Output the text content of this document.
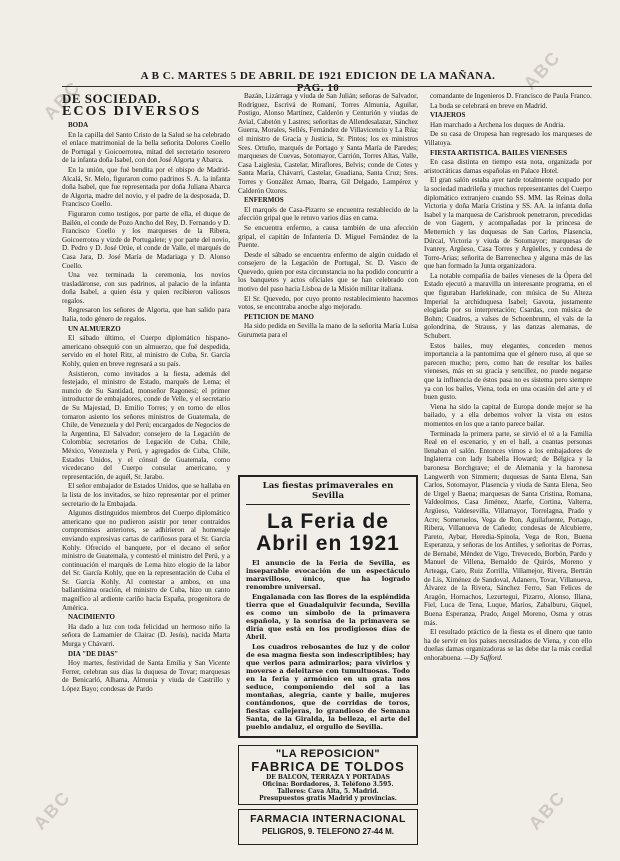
ABC
ABC
ABC	ABC
A B C. MARTES 5 DE ABRIL DE 1921 EDICION DE LA MAÑANA. PAG. 10
DE SOCIEDAD.
ECOS DIVERSOS

BODA

En la capilla del Santo Cristo de la Salud se ha celebrado el enlace matrimonial de la bella señorita Dolores Coello de Portugal y Goicoerrotea, mitad del secretario tesorero de la infanta doña Isabel, con don José Algorta y Abarca.

En la unión, que fué bendita por el obispo de Madrid-Alcalá, Sr. Melo, figuraron como padrinos S. A. la infanta doña Isabel, que fue representada por doña Juliana Abarca de Algorta, madre del novio, y el padre de la desposada, D. Francisco Coello.

Figuraron como testigos, por parte de ella, el duque de Bailén, el conde de Pozo Ancho del Rey, D. Fernando y D. Francisco Coello y los marqueses de la Ribera, Goicoerrotea y vizde de Portugalete; y por parte del novio, D. Pedro y D. José Orúe, el conde de Valle, el marqués de Casa Jara, D. José María de Madariaga y D. Alonso Coello.

Una vez terminada la ceremonia, los novios trasladáronse, con sus padrinos, al palacio de la infanta doña Isabel, a quien ésta y quien recibieron valiosos regalos.

Regresaron los señores de Algorta, que han salido para Italia, todo género de regalos.

UN ALMUERZO

El sábado último, el Cuerpo diplomático hispano-americano obsequió con un almuerzo, que fué despedida, servido en el hotel Ritz, al ministro de Cuba, Sr. García Kohly, quien en breve regresará a su país.

Asistieron, como invitados a la fiesta, además del festejado, el ministro de Estado, marqués de Lema; el nuncio de Su Santidad, monseñor Ragonesi; el primer introductor de embajadores, conde de Velle, y el secretario de Su Majestad, D. Emilio Torres; y en torno de ellos tomaron asiento los señores ministros de Guatemala, de Chile, de Venezuela y del Perú; encargados de Negocios de la Argentina, El Salvador; consejero de la Legación de Colombia; secretarios de Legación de Cuba, Chile, México, Venezuela y Perú, y agregados de Cuba, Chile, Estados Unidos, y el cónsul de Guatemala, como vicedecano del Cuerpo consular americano, y representación, de aquél, Sr. Jarabo.

El señor embajador de Estados Unidos, que se hallaba en la lista de los invitados, se hizo representar por el primer secretario de la Embajada.

Algunos distinguidos miembros del Cuerpo diplomático americano que no pudieron asistir por tener contraídos compromisos anteriores, se adhirieron al homenaje enviando expresivas cartas de cariñosos para el Sr. García Kohly. Ofrecido el banquete, por el decano el señor ministro de Guatemala, y contestó el ministro del Perú, y a continuación el marqués de Lema hizo elogio de la labor del Sr. García Kohly, que en la representación de Cuba el Sr. García Kohly. Al contestar a ambos, en una ballantísima oración, el ministro de Cuba, hizo un canto magnífico al ardiente cariño hacia España, progenitora de América.

NACIMIENTO

Ha dado a luz con toda felicidad un hermoso niño la señora de Lamamier de Clairac (D. Jesús), nacida Marta Murga y Chávarri.

DIA "DE DIAS"

Hoy martes, festividad de Santa Emilia y San Vicente Ferrer, celebran sus días la duquesa de Tovar; marquesas de Benicarló, Alhama, Almunia y viuda de Castrillo y López Bayo; condesas de Pardo

Bazán, Lizárraga y viuda de San Julián; señoras de Salvador, Rodríguez, Escrivá de Romaní, Torres Almunia, Aguilar, Postigo, Alonso Martínez, Calderón y Centurión y viudas de Avial, Cabetón y Lastres; señoritas de Allendesalazar, Sánchez Guerra, Morales, Sellés, Fernández de Villavicencio y La Rúa; el ministro de Gracia y Justicia, Sr. Pintos; los ex ministros Sres. Ortuño, marqués de Portago y Santa María de Paredes; marqueses de Cuevas, Sotomayor, Carrión, Torres Altas, Valle, Casa Laiglesia, Castelar, Miraflores, Belvis; conde de Cotes y Santa María, Chávarri, Castelar, Guadiana, Santa Cruz; Sres. Torres y González Arnao, Ibarra, Gil Delgado, Lampérez y Calderón Ozores.

ENFERMOS

El marqués de Casa-Pizarro se encuentra restablecido de la afección gripal que le retuvo varios días en cama.

Se encuentra enfermo, a causa también de una afección gripal, el capitán de Infantería D. Miguel Fernández de la Puente.

Desde el sábado se encuentra enfermo de algún cuidado el consejero de la Legación de Portugal, Sr. D. Vasco de Quevedo, quien por esta circunstancia no ha podido concurrir a los banquetes y actos oficiales que se han celebrado con motivo del paso hacia Lisboa de la Misión militar italiana.

El Sr. Quevedo, por cuyo pronto restablecimiento hacemos votos, se encontraba anoche algo mejorado.

PETICION DE MANO

Ha sido pedida en Sevilla la mano de la señorita María Luisa Gurumeta para el

Las fiestas primaverales en Sevilla
La Feria de Abril en 1921

El anuncio de la Feria de Sevilla, es inseparable evocación de un espectáculo maravilloso, único, que ha logrado renombre universal.

Engalanada con las flores de la espléndida tierra que el Guadalquivir fecunda, Sevilla es como un símbolo de la primavera española, y la sonrisa de la primavera se diría que está en los prodigiosos días de Abril.

Los cuadros rebosantes de luz y de color de esa magna fiesta son indescriptibles; hay que verlos para admirarlos; para vivirlos y moverse a deleitarse con tumultuosas. Todo en la feria y armónico en un grata nos seduce, componiendo del sol a las montañas, alegría, cante y baile, mujeres contándonos, que de corridas de toros, fiestas callejeras, lo grandioso de Semana Santa, de la Giralda, la belleza, el arte del pueblo andaluz, el orgullo de Sevilla.

"LA REPOSICION"
FABRICA DE TOLDOS
DE BALCON, TERRAZA Y PORTADAS
Oficina: Bordadores, 3. Teléfono 3.595.
Talleres: Cava Alta, 5. Madrid.
Presupuestos gratis Madrid y provincias.
FARMACIA INTERNACIONAL
PELIGROS, 9. TELEFONO 27-44 M.

comandante de Ingenieros D. Francisco de Paula Franco.

La boda se celebrará en breve en Madrid.

VIAJEROS

Han marchado a Archena los duques de Andria.

De su casa de Oropesa han regresado los marqueses de Villatoya.

FIESTA ARTISTICA. BAILES VIENESES

En casa distinta en tiempo esta nota, organizada por aristocráticas damas españolas en Palace Hotel.

El gran salón estaba ayer tarde totalmente ocupado por la sociedad madrileña y muchos representantes del Cuerpo diplomático extranjero cuando SS. MM. las Reinas doña Victoria y doña María Cristina y SS. AA. la infanta doña Isabel y la marquesa de Carisbrook penetraron, precedidas de von Gagern, y acompañadas por la princesa de Metternich y las duquesas de San Carlos, Plasencia, Dúrcal, Victoria y viuda de Sotomayor; marquesas de Ivanrey, Argüeso, Casa Torres y Argüelles, y condesa de Torre-Arias; señorita de Barrenechea y alguna más de las que han formado la Junta organizadora.

La notable compañía de bailes vieneses de la Ópera del Estado ejecutó a maravilla un interesante programa, en el que figuraban Harlekinade, con música de Su Alteza Imperial la archiduquesa Isabel; Gavota, justamente elogiada por su interpretación; Csardas, con música de Bohm; Cuadros, a valses de Schoenbrunn, el vals de la golondrina, de Strauss, y las danzas alemanas, de Schubert.

Estos bailes, muy elegantes, conceden menos importancia a la pantomima que el género ruso, al que se parecen mucho; pero, como han de resultar los bailes vieneses, más en su gracia y sencillez, no puede negarse que la influencia de éstos pasa no es sistema pero siempre ya con los bailes, Viena, toda en una ocasión del arte y el buen gusto.

Viena ha sido la capital de Europa donde mejor se ha bailado, y a ella debemos volver la vista en estos momentos en los que a tanto parece bailar.

Terminada la primera parte, se sirvió el té a la Familia Real en el escenario, y en el hall, a cuantas personas llenaban el salón. Entonces vimos a los embajadores de Inglaterra con lady Isabella Howard; de Bélgica y la baronesa Borchgrave; el de Alemania y la baronesa Langwerth von Simmern; duquesas de Santa Elena, San Carlos, Sotomayor, Plasencia y viuda de Santa Elena, Seo de Urgel y Baena; marquesas de Santa Cristina, Romana, Valdeolmos, Casa Jiménez, Atarfe, Cortina, Valterra, Argüeso, Valdesevilla, Villamayor, Torrelagna, Prado y Acre; Someruelos, Vega de Ron, Aguilafuente, Portago, Ribera, Villanueva de Cañedo; condesas de Alcubierre, Pareto, Aybar, Heredia-Spinola, Vega de Ron, Buena Esperanza, y señoras de los Antiñes, y señoritas de Porras, de Bernabé, Méndez de Vigo, Trevecedo, Borbón, Pardo y Manuel de Villena, Bernaldo de Quirós, Moreno y Arteaga, Caro, Ruiz Zorrilla, Villamejor, Rivera, Bertrán de Lis, Ximénez de Sandoval, Adanero, Tovar, Villanueva, Álvarez de la Rivera, Sánchez Ferro, San Felices de Aragón, Hornachos, Lezurtegui, Pizarro, Alonso, Illana, Fiel, Luca de Tena, Luque, Marios, Zabalburu, Giquel, Buena Esperanza, Prado, Angel Moreno, Osma y otras más.

El resultado práctico de la fiesta es el dinero que tanto ha de servir en los países necesitados de Viena, y con ello dueñas damas organizadoras se las debe dar la más cordial enhorabuena. —Dy Safford.
